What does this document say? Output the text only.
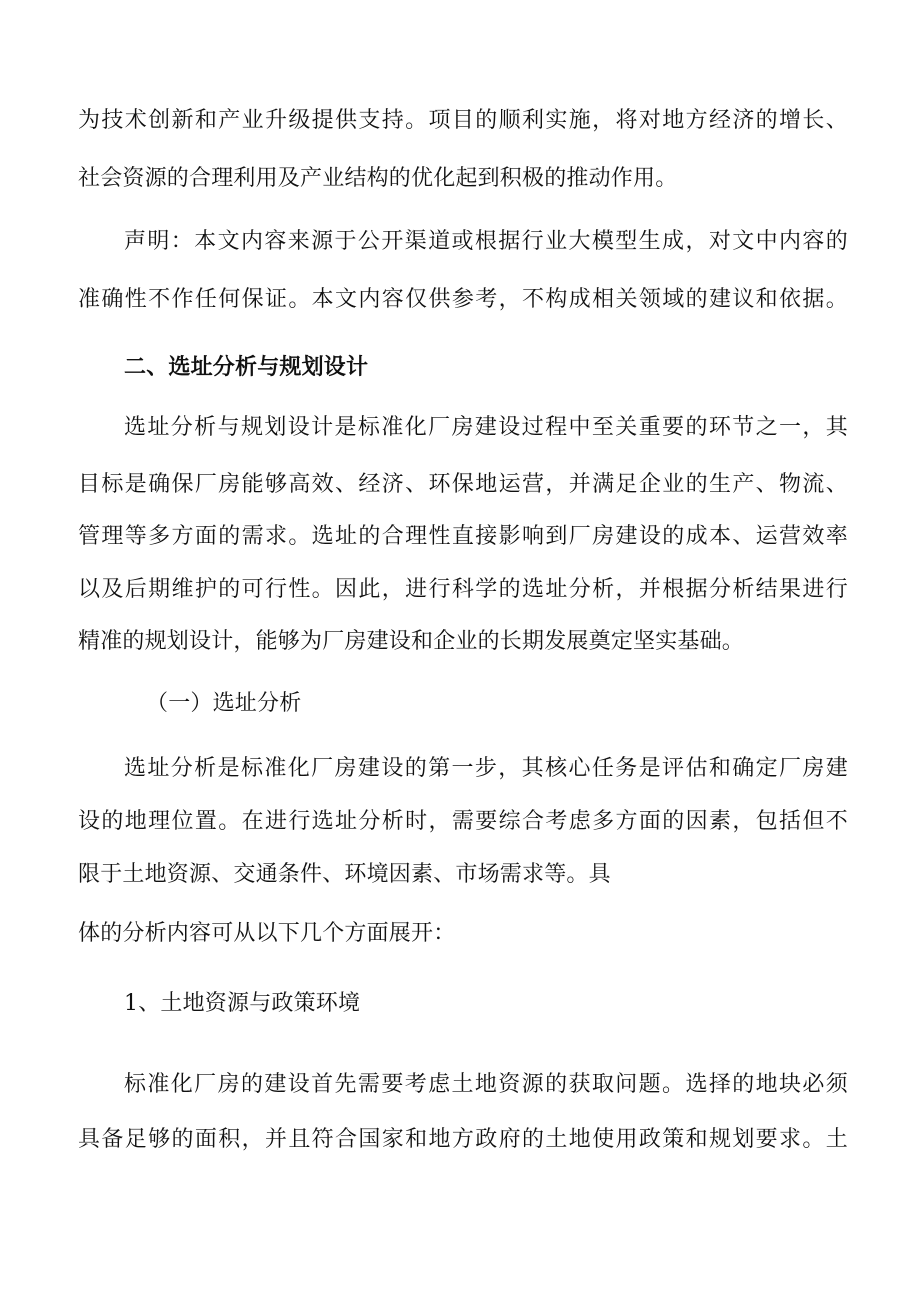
为技术创新和产业升级提供支持。项目的顺利实施，将对地方经济的增长、
社会资源的合理利用及产业结构的优化起到积极的推动作用。
声明：本文内容来源于公开渠道或根据行业大模型生成，对文中内容的
准确性不作任何保证。本文内容仅供参考，不构成相关领域的建议和依据。
二、选址分析与规划设计
选址分析与规划设计是标准化厂房建设过程中至关重要的环节之一，其
目标是确保厂房能够高效、经济、环保地运营，并满足企业的生产、物流、
管理等多方面的需求。选址的合理性直接影响到厂房建设的成本、运营效率
以及后期维护的可行性。因此，进行科学的选址分析，并根据分析结果进行
精准的规划设计，能够为厂房建设和企业的长期发展奠定坚实基础。
（一）选址分析
选址分析是标准化厂房建设的第一步，其核心任务是评估和确定厂房建
设的地理位置。在进行选址分析时，需要综合考虑多方面的因素，包括但不
限于土地资源、交通条件、环境因素、市场需求等。具
体的分析内容可从以下几个方面展开：
1、土地资源与政策环境
标准化厂房的建设首先需要考虑土地资源的获取问题。选择的地块必须
具备足够的面积，并且符合国家和地方政府的土地使用政策和规划要求。土
